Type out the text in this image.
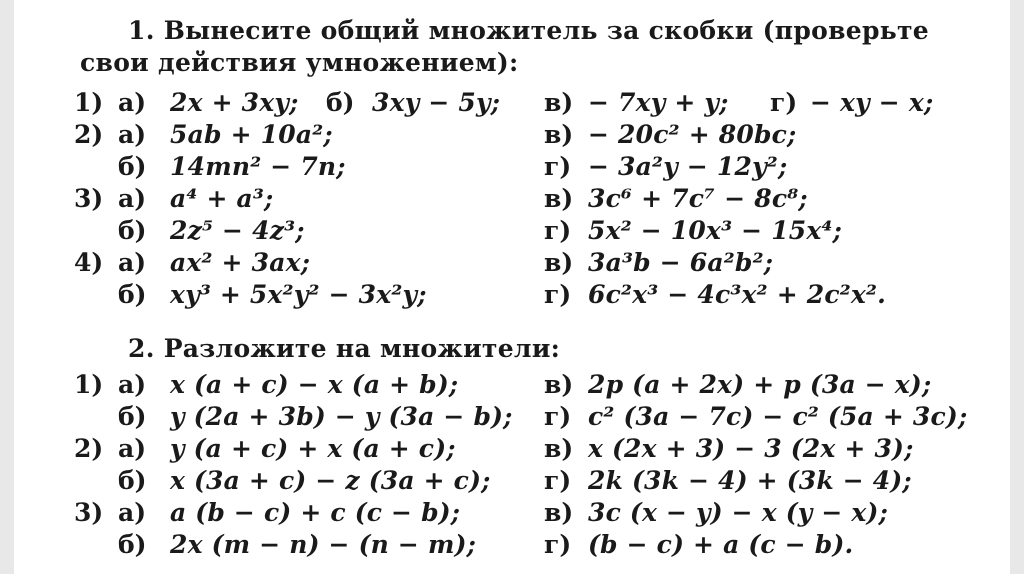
1. Вынесите общий множитель за скобки (проверьте
свои действия умножением):
1) а) 2x + 3xy; б) 3xy − 5y; в) − 7xy + y; г) − xy − x;
2) а) 5ab + 10a²;	в) − 20c² + 80bc;
б) 14mn² − 7n;	г) − 3a²y − 12y²;
3) а) a⁴ + a³;	в) 3c⁶ + 7c⁷ − 8c⁸;
б) 2z⁵ − 4z³;	г) 5x² − 10x³ − 15x⁴;
4) а) ax² + 3ax;	в) 3a³b − 6a²b²;
б) xy³ + 5x²y² − 3x²y;	г) 6c²x³ − 4c³x² + 2c²x².
2. Разложите на множители:
1) а) x (a + c) − x (a + b);	в) 2p (a + 2x) + p (3a − x);
б) y (2a + 3b) − y (3a − b); г) c² (3a − 7c) − c² (5a + 3c);
2) а) y (a + c) + x (a + c);	в) x (2x + 3) − 3 (2x + 3);
б) x (3a + c) − z (3a + c); г) 2k (3k − 4) + (3k − 4);
3) а) a (b − c) + c (c − b);	в) 3c (x − y) − x (y − x);
б) 2x (m − n) − (n − m);	г) (b − c) + a (c − b).
